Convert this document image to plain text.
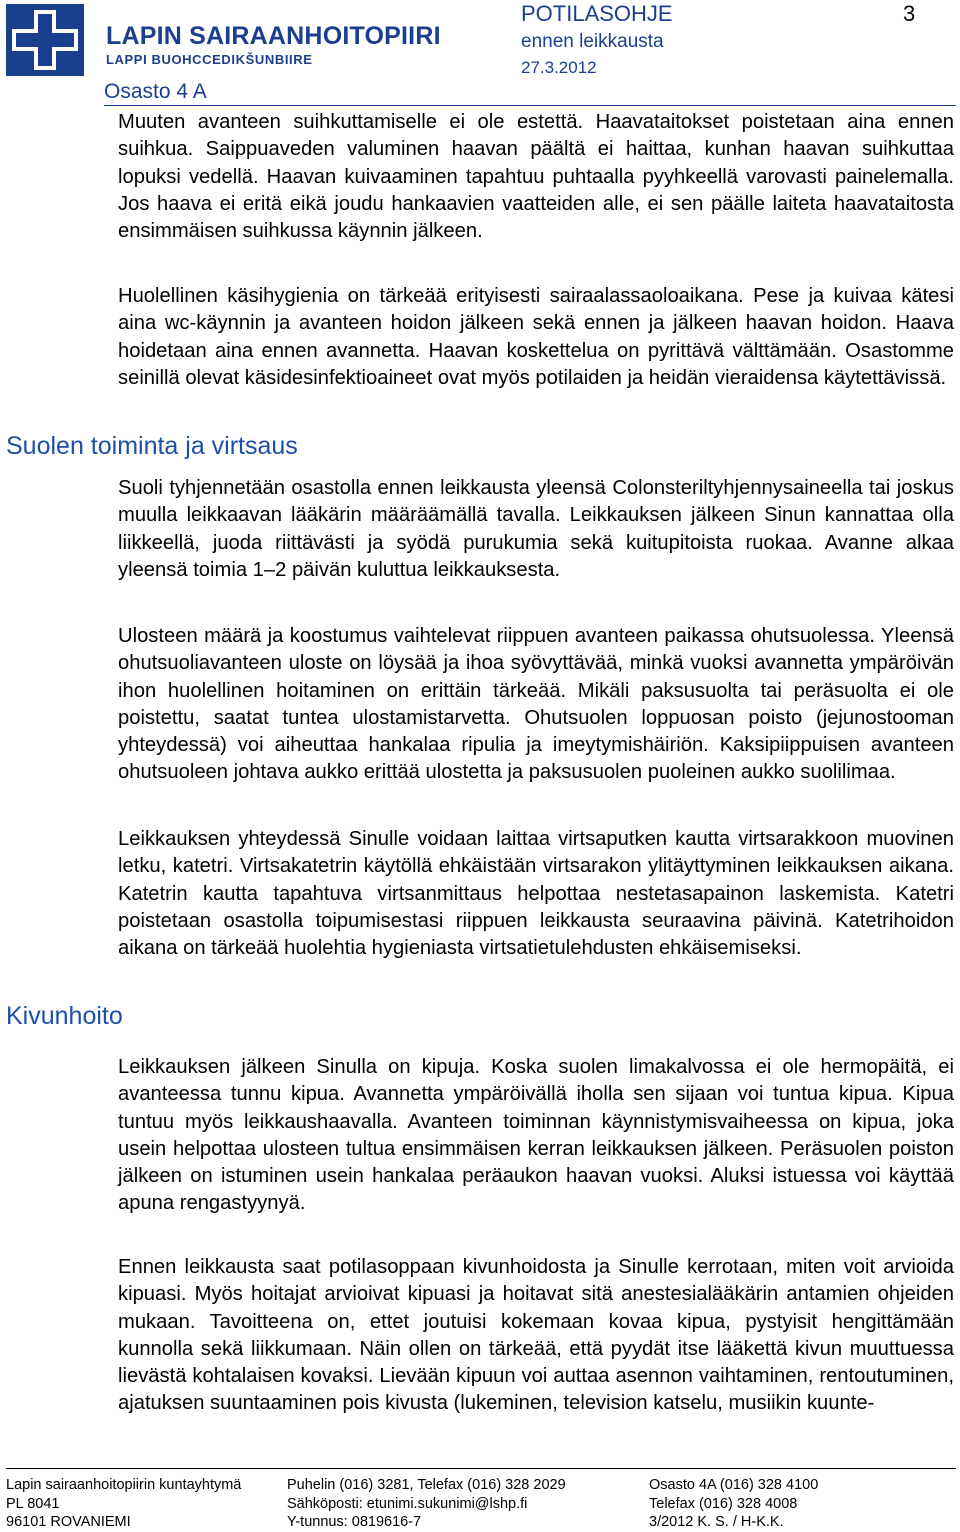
LAPIN SAIRAANHOITOPIIRI
LAPPI BUOHCCEDIKŠUNBIIRE
POTILASOHJE
ennen leikkausta
27.3.2012
3
Osasto 4 A

Muuten avanteen suihkuttamiselle ei ole estettä. Haavataitokset poistetaan aina ennen suihkua. Saippuaveden valuminen haavan päältä ei haittaa, kunhan haavan suihkuttaa lopuksi vedellä. Haavan kuivaaminen tapahtuu puhtaalla pyyhkeellä varovasti painelemalla. Jos haava ei eritä eikä joudu hankaavien vaatteiden alle, ei sen päälle laiteta haavataitosta ensimmäisen suihkussa käynnin jälkeen.

Huolellinen käsihygienia on tärkeää erityisesti sairaalassaoloaikana. Pese ja kuivaa kätesi aina wc-käynnin ja avanteen hoidon jälkeen sekä ennen ja jälkeen haavan hoidon. Haava hoidetaan aina ennen avannetta. Haavan koskettelua on pyrittävä välttämään. Osastomme seinillä olevat käsidesinfektioaineet ovat myös potilaiden ja heidän vieraidensa käytettävissä.

Suolen toiminta ja virtsaus

Suoli tyhjennetään osastolla ennen leikkausta yleensä Colonsteriltyhjennysaineella tai joskus muulla leikkaavan lääkärin määräämällä tavalla. Leikkauksen jälkeen Sinun kannattaa olla liikkeellä, juoda riittävästi ja syödä purukumia sekä kuitupitoista ruokaa. Avanne alkaa yleensä toimia 1–2 päivän kuluttua leikkauksesta.

Ulosteen määrä ja koostumus vaihtelevat riippuen avanteen paikassa ohutsuolessa. Yleensä ohutsuoliavanteen uloste on löysää ja ihoa syövyttävää, minkä vuoksi avannetta ympäröivän ihon huolellinen hoitaminen on erittäin tärkeää. Mikäli paksusuolta tai peräsuolta ei ole poistettu, saatat tuntea ulostamistarvetta. Ohutsuolen loppuosan poisto (jejunostooman yhteydessä) voi aiheuttaa hankalaa ripulia ja imeytymishäiriön. Kaksipiippuisen avanteen ohutsuoleen johtava aukko erittää ulostetta ja paksusuolen puoleinen aukko suolilimaa.

Leikkauksen yhteydessä Sinulle voidaan laittaa virtsaputken kautta virtsarakkoon muovinen letku, katetri. Virtsakatetrin käytöllä ehkäistään virtsarakon ylitäyttyminen leikkauksen aikana. Katetrin kautta tapahtuva virtsanmittaus helpottaa nestetasapainon laskemista. Katetri poistetaan osastolla toipumisestasi riippuen leikkausta seuraavina päivinä. Katetrihoidon aikana on tärkeää huolehtia hygieniasta virtsatietulehdusten ehkäisemiseksi.

Kivunhoito

Leikkauksen jälkeen Sinulla on kipuja. Koska suolen limakalvossa ei ole hermopäitä, ei avanteessa tunnu kipua. Avannetta ympäröivällä iholla sen sijaan voi tuntua kipua. Kipua tuntuu myös leikkaushaavalla. Avanteen toiminnan käynnistymisvaiheessa on kipua, joka usein helpottaa ulosteen tultua ensimmäisen kerran leikkauksen jälkeen. Peräsuolen poiston jälkeen on istuminen usein hankalaa peräaukon haavan vuoksi. Aluksi istuessa voi käyttää apuna rengastyynyä.

Ennen leikkausta saat potilasoppaan kivunhoidosta ja Sinulle kerrotaan, miten voit arvioida kipuasi. Myös hoitajat arvioivat kipuasi ja hoitavat sitä anestesialääkärin antamien ohjeiden mukaan. Tavoitteena on, ettet joutuisi kokemaan kovaa kipua, pystyisit hengittämään kunnolla sekä liikkumaan. Näin ollen on tärkeää, että pyydät itse lääkettä kivun muuttuessa lievästä kohtalaisen kovaksi. Lievään kipuun voi auttaa asennon vaihtaminen, rentoutuminen, ajatuksen suuntaaminen pois kivusta (lukeminen, television katselu, musiikin kuunte-

Lapin sairaanhoitopiirin kuntayhtymä
PL 8041
96101 ROVANIEMI
Puhelin (016) 3281, Telefax (016) 328 2029
Sähköposti: etunimi.sukunimi@lshp.fi
Y-tunnus: 0819616-7
Osasto 4A (016) 328 4100
Telefax (016) 328 4008
3/2012 K. S. / H-K.K.
